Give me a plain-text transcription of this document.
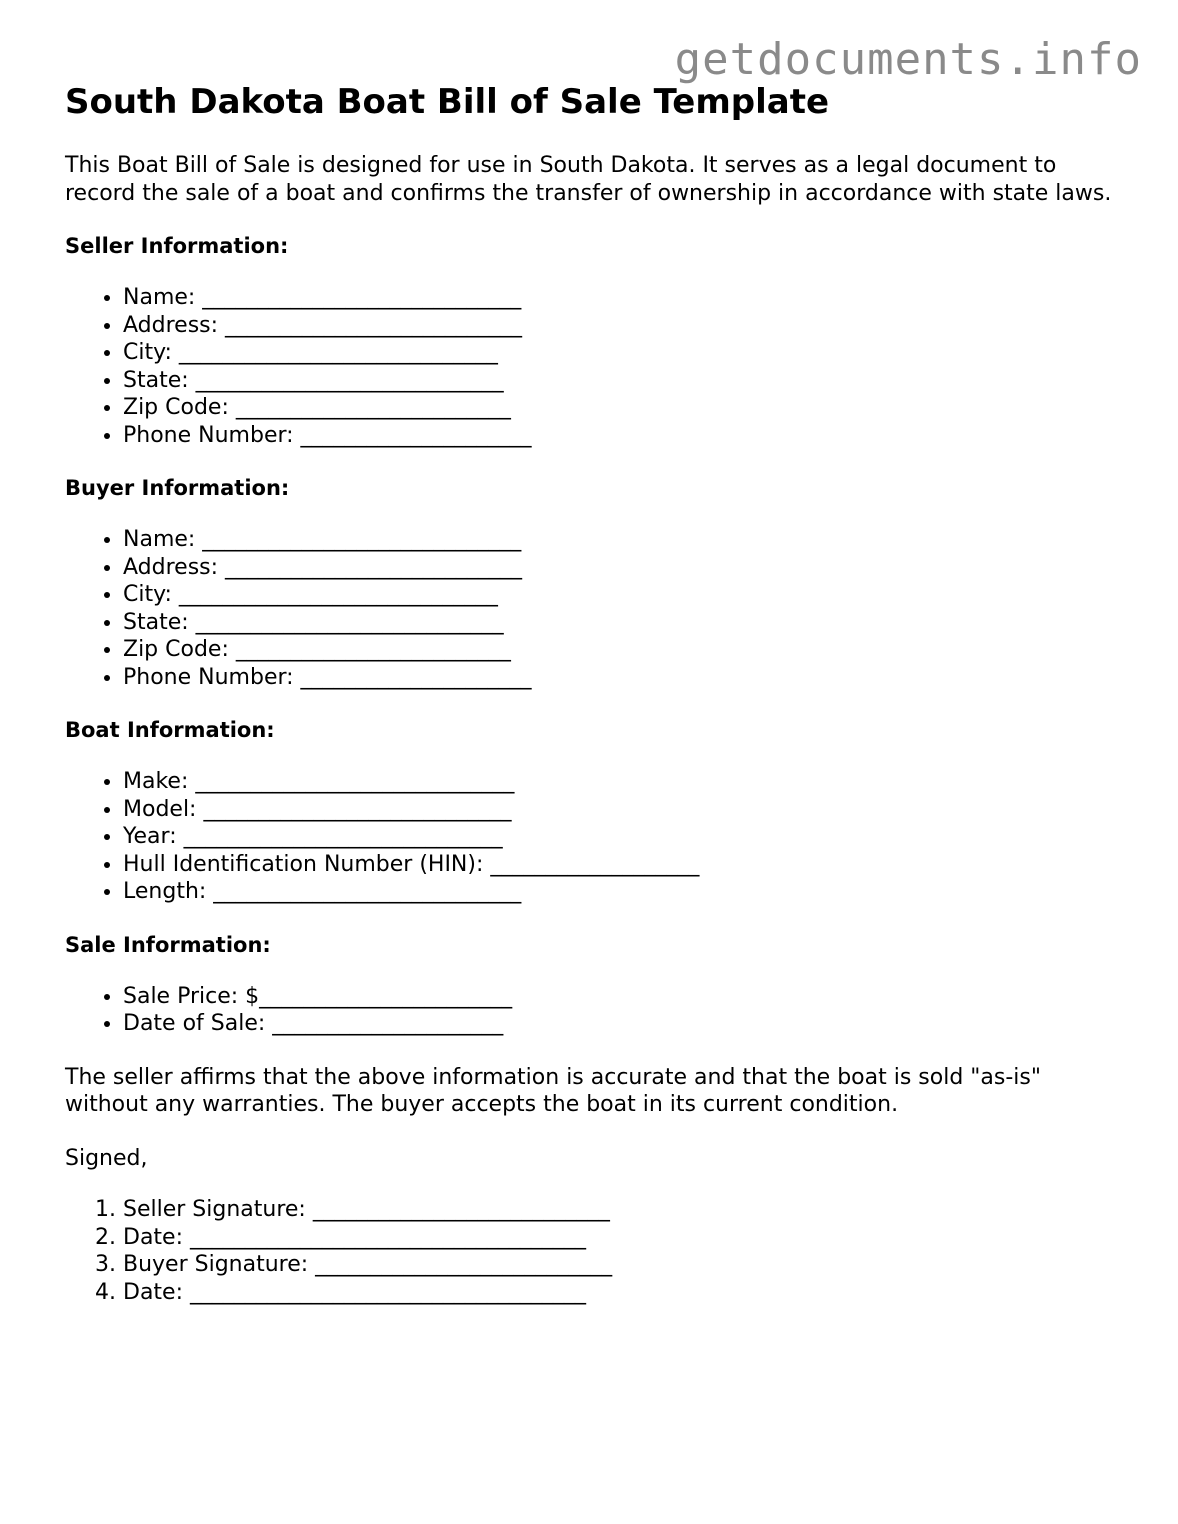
getdocuments.info
South Dakota Boat Bill of Sale Template

This Boat Bill of Sale is designed for use in South Dakota. It serves as a legal document to record the sale of a boat and confirms the transfer of ownership in accordance with state laws.

Seller Information:
• Name: _____________________________
• Address: ___________________________
• City: _____________________________
• State: ____________________________
• Zip Code: _________________________
• Phone Number: _____________________
Buyer Information:
• Name: _____________________________
• Address: ___________________________
• City: _____________________________
• State: ____________________________
• Zip Code: _________________________
• Phone Number: _____________________
Boat Information:
• Make: _____________________________
• Model: ____________________________
• Year: _____________________________
• Hull Identification Number (HIN): ___________________
• Length: ____________________________
Sale Information:
• Sale Price: $_______________________
• Date of Sale: _____________________

The seller affirms that the above information is accurate and that the boat is sold "as-is" without any warranties. The buyer accepts the boat in its current condition.

Signed,

1. Seller Signature: ___________________________
2. Date: ____________________________________
3. Buyer Signature: ___________________________
4. Date: ____________________________________
